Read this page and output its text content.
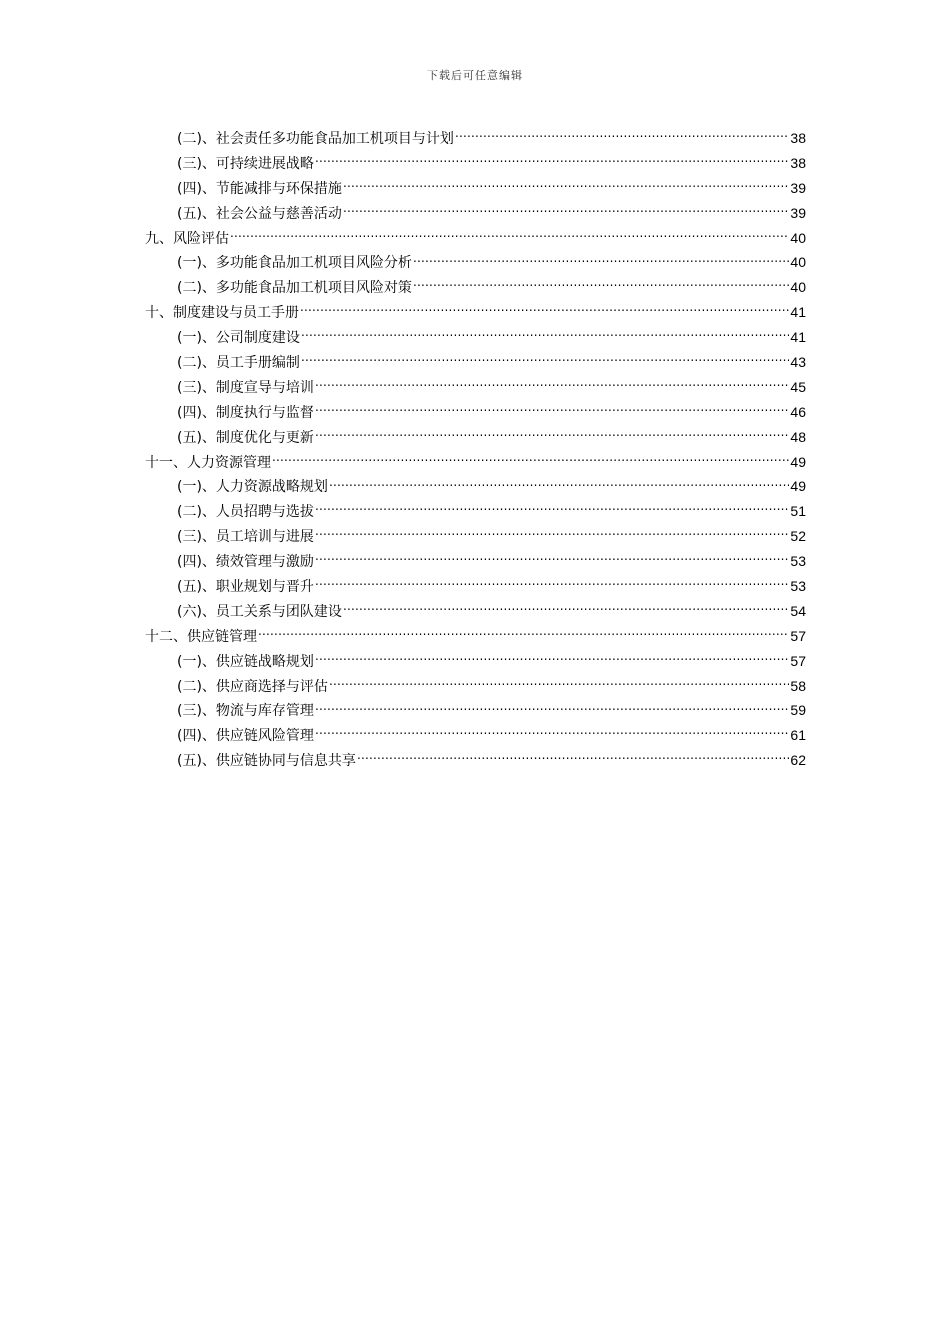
下载后可任意编辑
(二)、社会责任多功能食品加工机项目与计划 .....	38
(三)、可持续进展战略 .....	38
(四)、节能减排与环保措施 .....	39
(五)、社会公益与慈善活动 .....	39
九、风险评估 .....	40
(一)、多功能食品加工机项目风险分析 .....	40
(二)、多功能食品加工机项目风险对策 .....	40
十、制度建设与员工手册 .....	41
(一)、公司制度建设 .....	41
(二)、员工手册编制 .....	43
(三)、制度宣导与培训 .....	45
(四)、制度执行与监督 .....	46
(五)、制度优化与更新 .....	48
十一、人力资源管理 .....	49
(一)、人力资源战略规划 .....	49
(二)、人员招聘与选拔 .....	51
(三)、员工培训与进展 .....	52
(四)、绩效管理与激励 .....	53
(五)、职业规划与晋升 .....	53
(六)、员工关系与团队建设 .....	54
十二、供应链管理 .....	57
(一)、供应链战略规划 .....	57
(二)、供应商选择与评估 .....	58
(三)、物流与库存管理 .....	59
(四)、供应链风险管理 .....	61
(五)、供应链协同与信息共享 .....	62
